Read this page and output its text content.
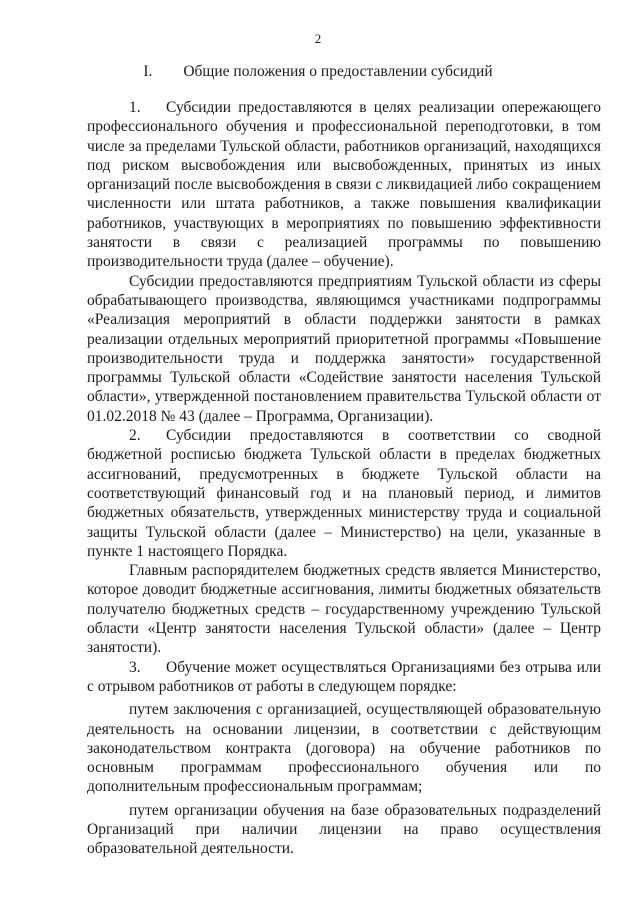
2
I. Общие положения о предоставлении субсидий

1. Субсидии предоставляются в целях реализации опережающего профессионального обучения и профессиональной переподготовки, в том числе за пределами Тульской области, работников организаций, находящихся под риском высвобождения или высвобожденных, принятых из иных организаций после высвобождения в связи с ликвидацией либо сокращением численности или штата работников, а также повышения квалификации работников, участвующих в мероприятиях по повышению эффективности занятости в связи с реализацией программы по повышению производительности труда (далее – обучение).

Субсидии предоставляются предприятиям Тульской области из сферы обрабатывающего производства, являющимся участниками подпрограммы «Реализация мероприятий в области поддержки занятости в рамках реализации отдельных мероприятий приоритетной программы «Повышение производительности труда и поддержка занятости» государственной программы Тульской области «Содействие занятости населения Тульской области», утвержденной постановлением правительства Тульской области от 01.02.2018 № 43 (далее – Программа, Организации).

2. Субсидии предоставляются в соответствии со сводной бюджетной росписью бюджета Тульской области в пределах бюджетных ассигнований, предусмотренных в бюджете Тульской области на соответствующий финансовый год и на плановый период, и лимитов бюджетных обязательств, утвержденных министерству труда и социальной защиты Тульской области (далее – Министерство) на цели, указанные в пункте 1 настоящего Порядка.

Главным распорядителем бюджетных средств является Министерство, которое доводит бюджетные ассигнования, лимиты бюджетных обязательств получателю бюджетных средств – государственному учреждению Тульской области «Центр занятости населения Тульской области» (далее – Центр занятости).

3. Обучение может осуществляться Организациями без отрыва или с отрывом работников от работы в следующем порядке:

путем заключения с организацией, осуществляющей образовательную деятельность на основании лицензии, в соответствии с действующим законодательством контракта (договора) на обучение работников по основным программам профессионального обучения или по дополнительным профессиональным программам;

путем организации обучения на базе образовательных подразделений Организаций при наличии лицензии на право осуществления образовательной деятельности.
